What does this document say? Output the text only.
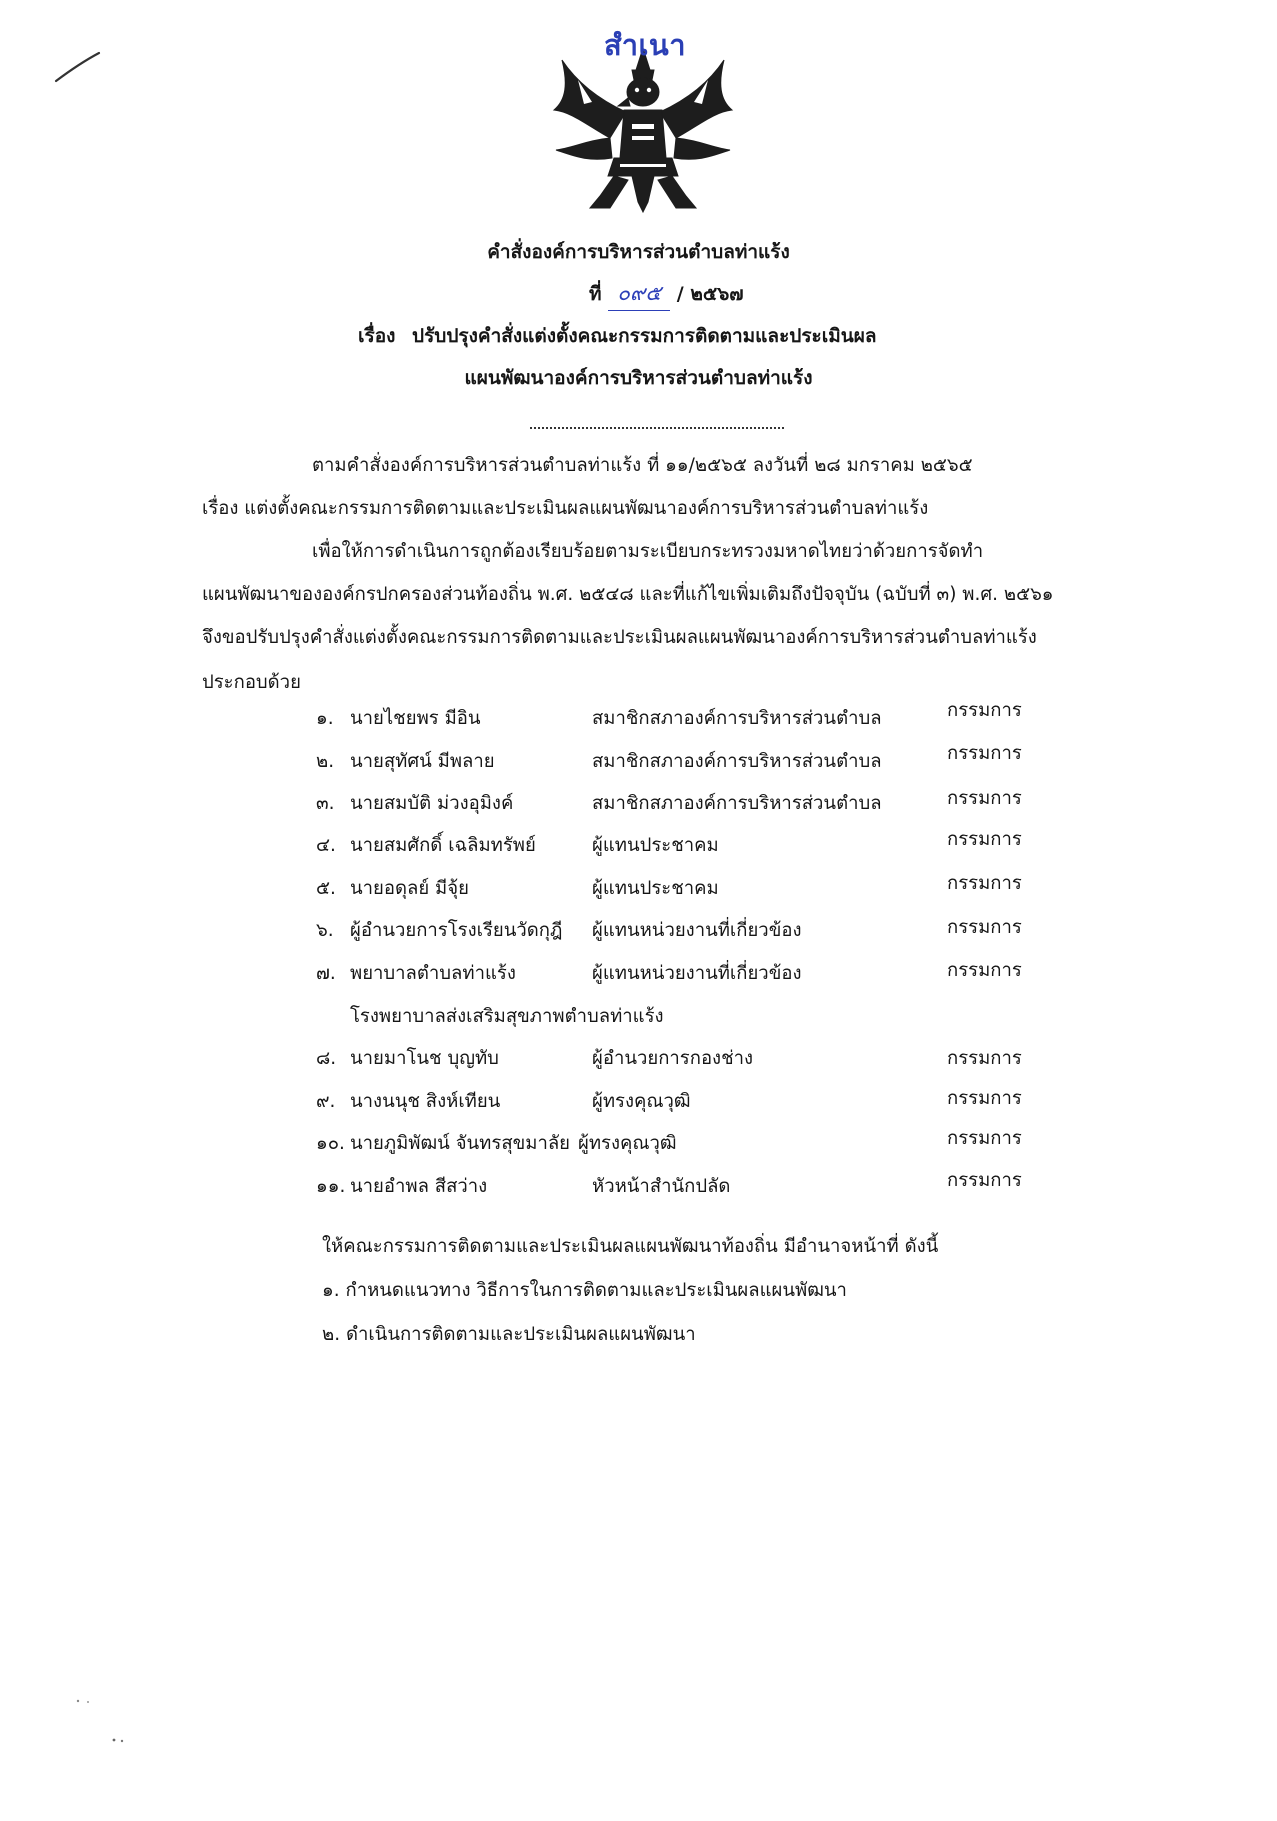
สำเนา
คำสั่งองค์การบริหารส่วนตำบลท่าแร้ง
ที่ ๐๙๕ / ๒๕๖๗
เรื่อง ปรับปรุงคำสั่งแต่งตั้งคณะกรรมการติดตามและประเมินผล
แผนพัฒนาองค์การบริหารส่วนตำบลท่าแร้ง
ตามคำสั่งองค์การบริหารส่วนตำบลท่าแร้ง ที่ ๑๑/๒๕๖๕ ลงวันที่ ๒๘ มกราคม ๒๕๖๕
เรื่อง แต่งตั้งคณะกรรมการติดตามและประเมินผลแผนพัฒนาองค์การบริหารส่วนตำบลท่าแร้ง
เพื่อให้การดำเนินการถูกต้องเรียบร้อยตามระเบียบกระทรวงมหาดไทยว่าด้วยการจัดทำ
แผนพัฒนาขององค์กรปกครองส่วนท้องถิ่น พ.ศ. ๒๕๔๘ และที่แก้ไขเพิ่มเติมถึงปัจจุบัน (ฉบับที่ ๓) พ.ศ. ๒๕๖๑
จึงขอปรับปรุงคำสั่งแต่งตั้งคณะกรรมการติดตามและประเมินผลแผนพัฒนาองค์การบริหารส่วนตำบลท่าแร้ง
ประกอบด้วย
๑. นายไชยพร มีอิน	สมาชิกสภาองค์การบริหารส่วนตำบล	กรรมการ
๒. นายสุทัศน์ มีพลาย	สมาชิกสภาองค์การบริหารส่วนตำบล	กรรมการ
๓. นายสมบัติ ม่วงอุมิงค์	สมาชิกสภาองค์การบริหารส่วนตำบล	กรรมการ
๔. นายสมศักดิ์ เฉลิมทรัพย์	ผู้แทนประชาคม	กรรมการ
๕. นายอดุลย์ มีจุ้ย	ผู้แทนประชาคม	กรรมการ
๖. ผู้อำนวยการโรงเรียนวัดกุฎี ผู้แทนหน่วยงานที่เกี่ยวข้อง	กรรมการ
๗. พยาบาลตำบลท่าแร้ง	ผู้แทนหน่วยงานที่เกี่ยวข้อง	กรรมการ
โรงพยาบาลส่งเสริมสุขภาพตำบลท่าแร้ง
๘. นายมาโนช บุญทับ	ผู้อำนวยการกองช่าง	กรรมการ
๙. นางนนุช สิงห์เทียน	ผู้ทรงคุณวุฒิ	กรรมการ
๑๐. นายภูมิพัฒน์ จันทรสุขมาลัย ผู้ทรงคุณวุฒิ	กรรมการ
๑๑. นายอำพล สีสว่าง	หัวหน้าสำนักปลัด	กรรมการ
ให้คณะกรรมการติดตามและประเมินผลแผนพัฒนาท้องถิ่น มีอำนาจหน้าที่ ดังนี้
๑. กำหนดแนวทาง วิธีการในการติดตามและประเมินผลแผนพัฒนา
๒. ดำเนินการติดตามและประเมินผลแผนพัฒนา
